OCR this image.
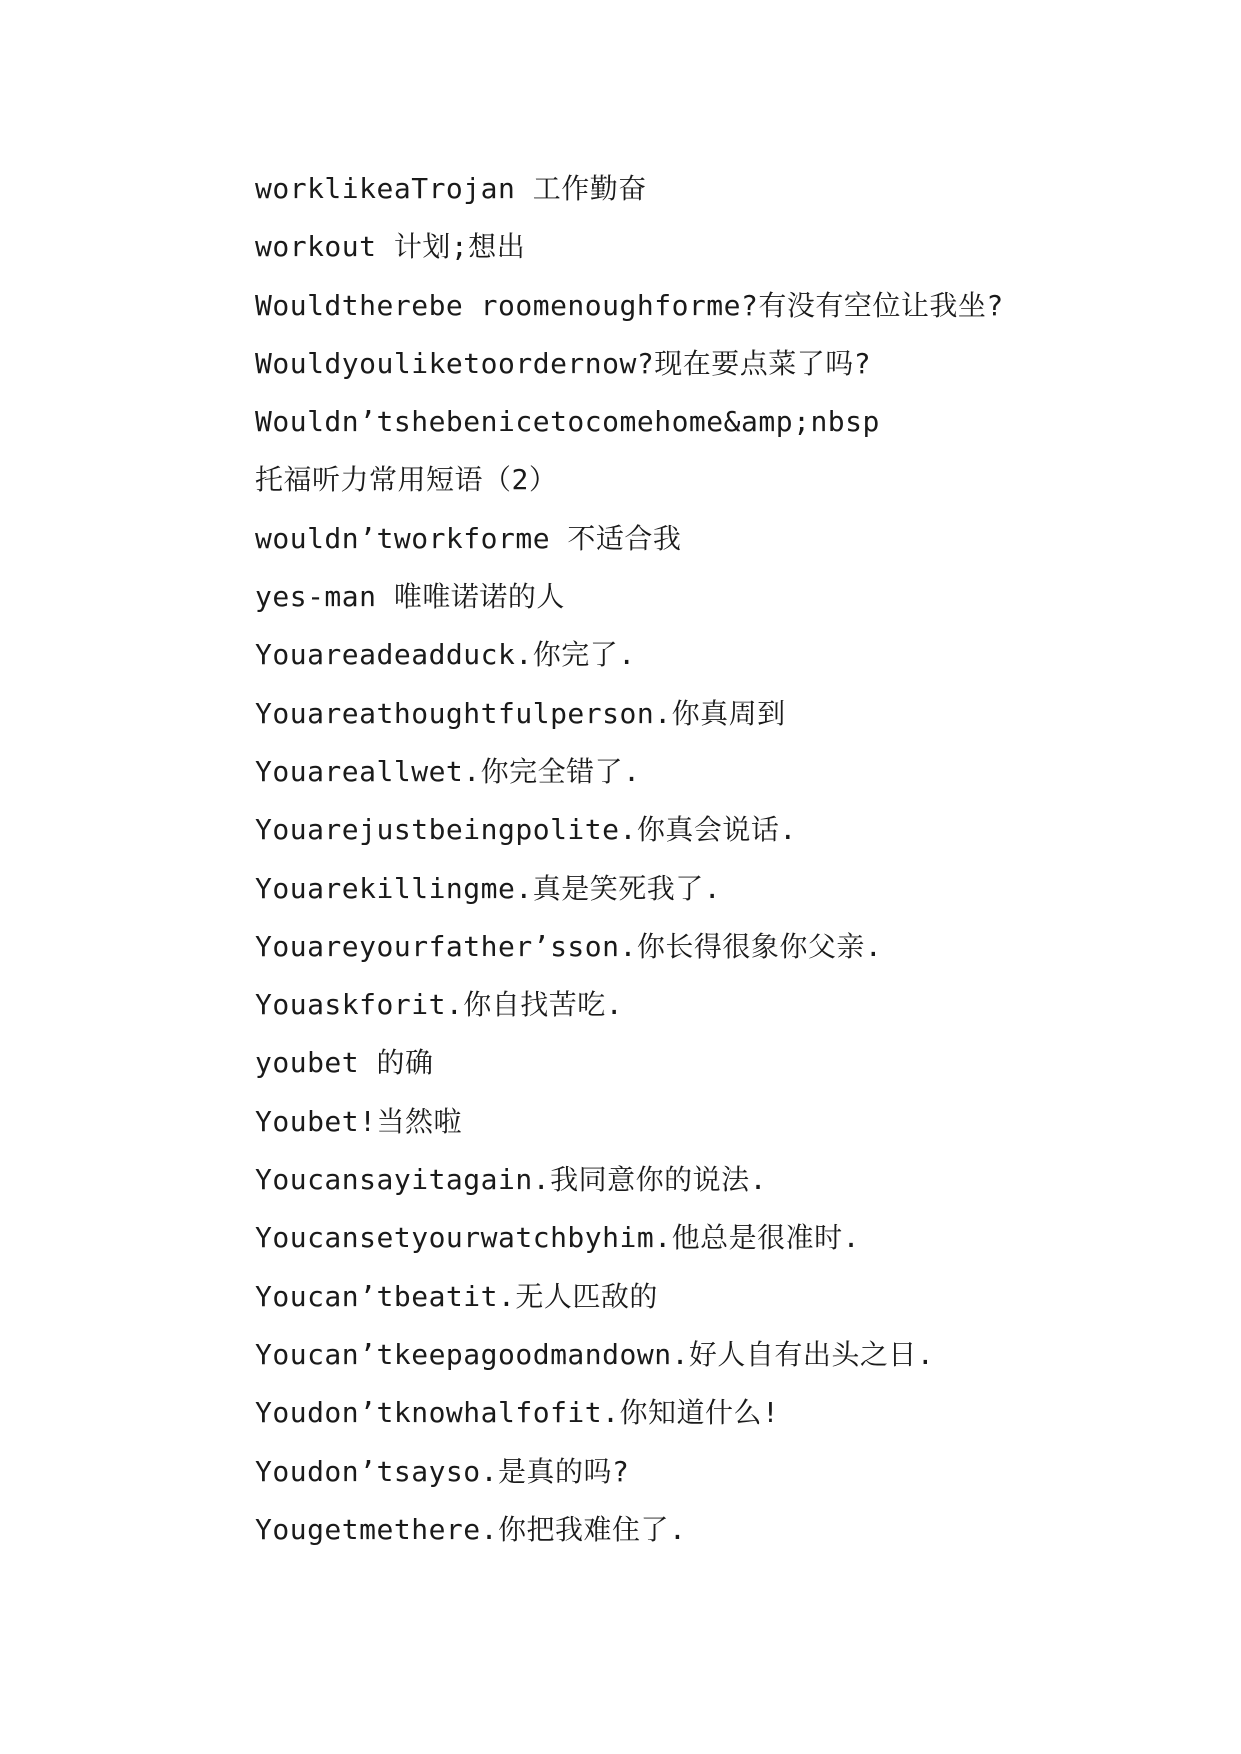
worklikeaTrojan 工作勤奋
workout 计划;想出
Wouldtherebe roomenoughforme?有没有空位让我坐?
Wouldyouliketoordernow?现在要点菜了吗?
Wouldn’tshebenicetocomehome&amp;nbsp
托福听力常用短语（2）
wouldn’tworkforme 不适合我
yes-man 唯唯诺诺的人
Youareadeadduck.你完了.
Youareathoughtfulperson.你真周到
Youareallwet.你完全错了.
Youarejustbeingpolite.你真会说话.
Youarekillingme.真是笑死我了.
Youareyourfather’sson.你长得很象你父亲.
Youaskforit.你自找苦吃.
youbet 的确
Youbet!当然啦
Youcansayitagain.我同意你的说法.
Youcansetyourwatchbyhim.他总是很准时.
Youcan’tbeatit.无人匹敌的
Youcan’tkeepagoodmandown.好人自有出头之日.
Youdon’tknowhalfofit.你知道什么!
Youdon’tsayso.是真的吗?
Yougetmethere.你把我难住了.
